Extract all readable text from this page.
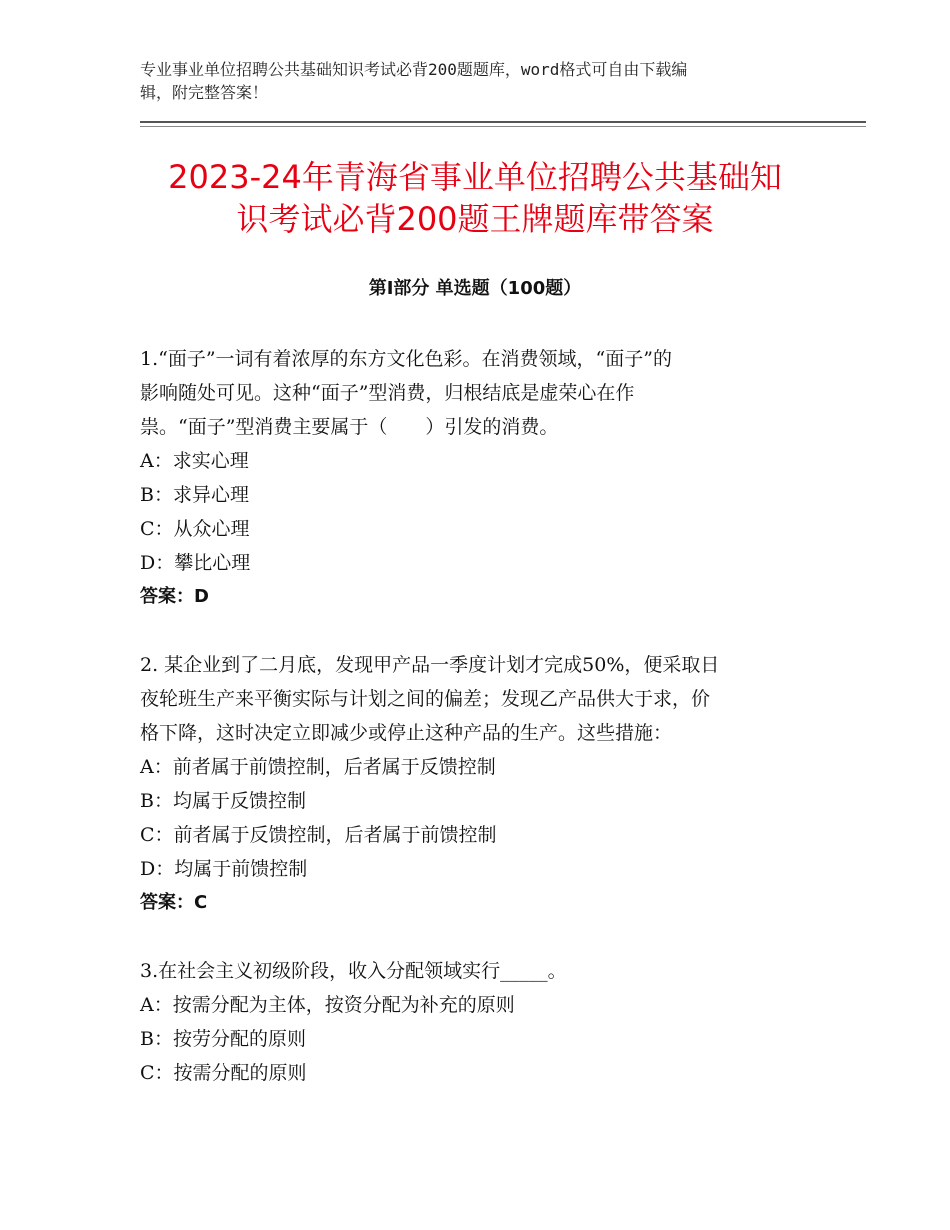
专业事业单位招聘公共基础知识考试必背200题题库，word格式可自由下载编
辑，附完整答案！
2023-24年青海省事业单位招聘公共基础知
识考试必背200题王牌题库带答案
第Ⅰ部分 单选题（100题）

1.“面子”一词有着浓厚的东方文化色彩。在消费领域，“面子”的

影响随处可见。这种“面子”型消费，归根结底是虚荣心在作

祟。“面子”型消费主要属于（　　）引发的消费。

A：求实心理

B：求异心理

C：从众心理

D：攀比心理

答案：D

2. 某企业到了二月底，发现甲产品一季度计划才完成50%，便采取日

夜轮班生产来平衡实际与计划之间的偏差；发现乙产品供大于求，价

格下降，这时决定立即减少或停止这种产品的生产。这些措施：

A：前者属于前馈控制，后者属于反馈控制

B：均属于反馈控制

C：前者属于反馈控制，后者属于前馈控制

D：均属于前馈控制

答案：C

3.在社会主义初级阶段，收入分配领域实行_____。

A：按需分配为主体，按资分配为补充的原则

B：按劳分配的原则

C：按需分配的原则
